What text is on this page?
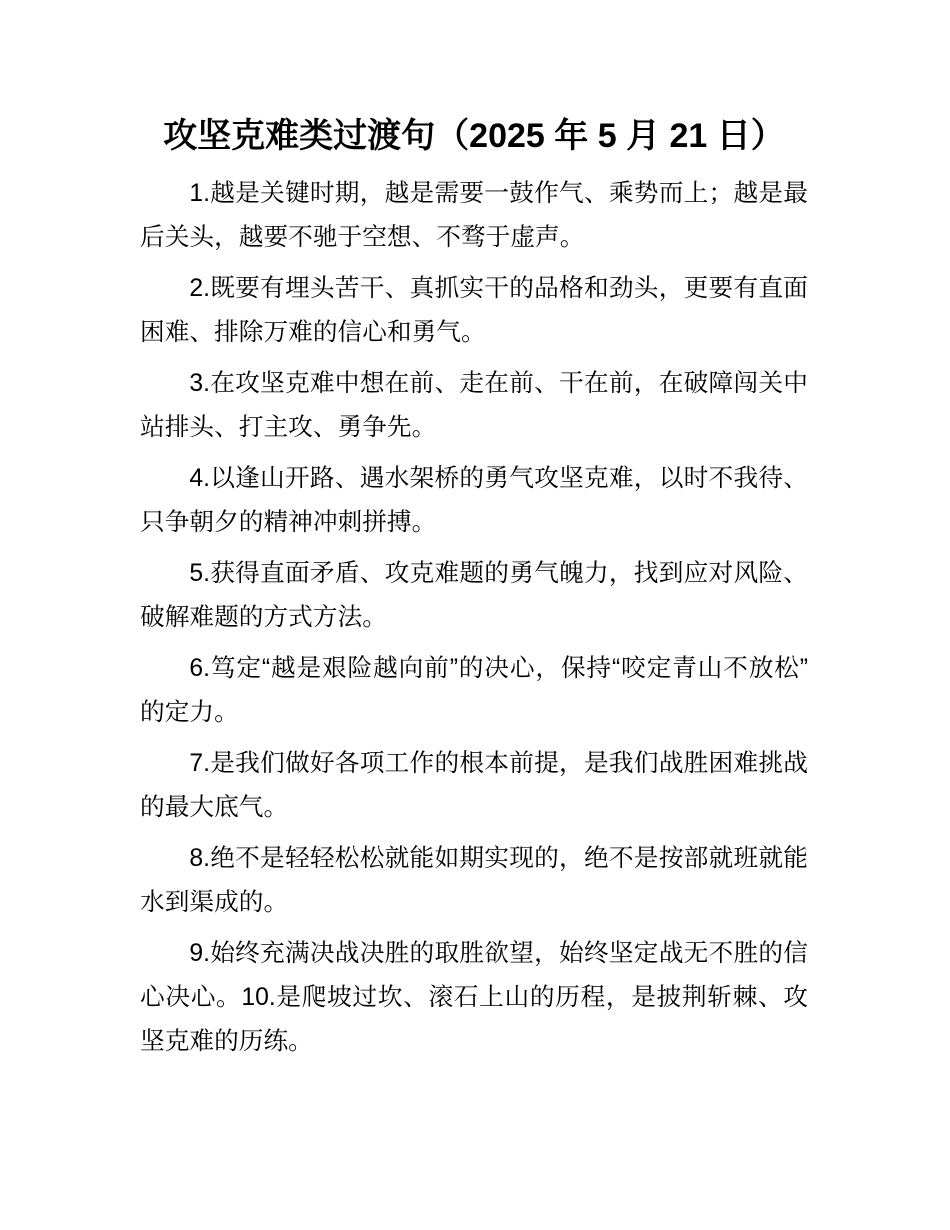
攻坚克难类过渡句（2025 年 5 月 21 日）

1.越是关键时期，越是需要一鼓作气、乘势而上；越是最后关头，越要不驰于空想、不骛于虚声。

2.既要有埋头苦干、真抓实干的品格和劲头，更要有直面困难、排除万难的信心和勇气。

3.在攻坚克难中想在前、走在前、干在前，在破障闯关中站排头、打主攻、勇争先。

4.以逢山开路、遇水架桥的勇气攻坚克难，以时不我待、只争朝夕的精神冲刺拼搏。

5.获得直面矛盾、攻克难题的勇气魄力，找到应对风险、破解难题的方式方法。

6.笃定“越是艰险越向前”的决心，保持“咬定青山不放松”的定力。

7.是我们做好各项工作的根本前提，是我们战胜困难挑战的最大底气。

8.绝不是轻轻松松就能如期实现的，绝不是按部就班就能水到渠成的。

9.始终充满决战决胜的取胜欲望，始终坚定战无不胜的信心决心。10.是爬坡过坎、滚石上山的历程，是披荆斩棘、攻坚克难的历练。
